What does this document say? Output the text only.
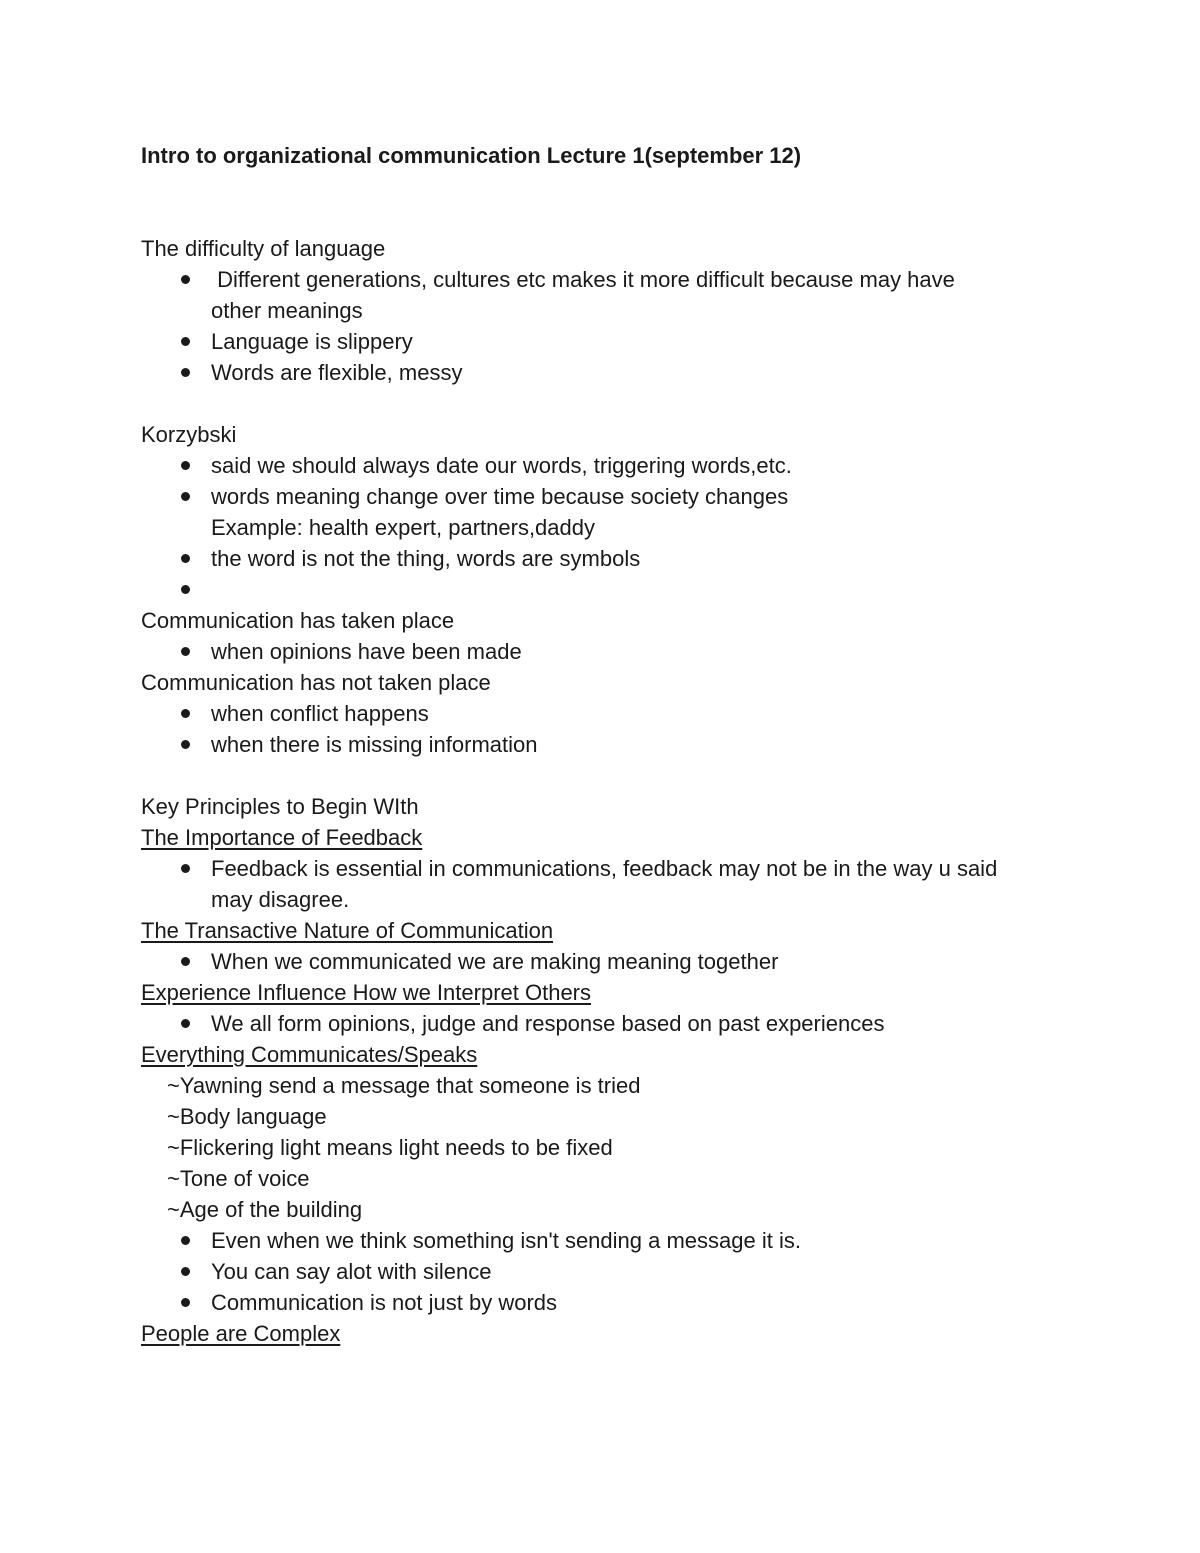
Intro to organizational communication Lecture 1(september 12)
The difficulty of language
Different generations, cultures etc makes it more difficult because may have
other meanings
Language is slippery
Words are flexible, messy
Korzybski
said we should always date our words, triggering words,etc.
words meaning change over time because society changes
Example: health expert, partners,daddy
the word is not the thing, words are symbols
Communication has taken place
when opinions have been made
Communication has not taken place
when conflict happens
when there is missing information
Key Principles to Begin WIth
The Importance of Feedback
Feedback is essential in communications, feedback may not be in the way u said
may disagree.
The Transactive Nature of Communication
When we communicated we are making meaning together
Experience Influence How we Interpret Others
We all form opinions, judge and response based on past experiences
Everything Communicates/Speaks
~Yawning send a message that someone is tried
~Body language
~Flickering light means light needs to be fixed
~Tone of voice
~Age of the building
Even when we think something isn't sending a message it is.
You can say alot with silence
Communication is not just by words
People are Complex
